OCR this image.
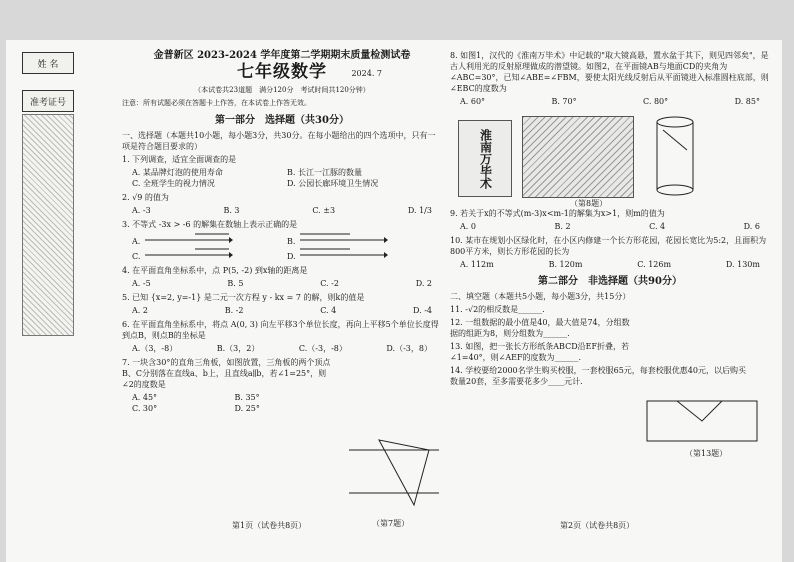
姓 名
准考证号
金普新区 2023-2024 学年度第二学期期末质量检测试卷
七年级数学	2024. 7
（本试卷共23道题　满分120分　考试时间共120分钟）
注意：所有试题必须在答题卡上作答，在本试卷上作答无效。
第一部分　选择题（共30分）
一、选择题（本题共10小题，每小题3分，共30分。在每小题给出的四个选项中，只有一项是符合题目要求的）
1. 下列调查，适宜全面调查的是
A. 某品牌灯泡的使用寿命	B. 长江一江豚的数量
C. 全班学生的视力情况	D. 公园长廊环境卫生情况
2. √9 的值为
A. -3	B. 3	C. ±3	D. 1/3
3. 不等式 -3x > -6 的解集在数轴上表示正确的是
A.	B.
C.	D.
4. 在平面直角坐标系中，点 P(5, -2) 到x轴的距离是
A. -5	B. 5	C. -2	D. 2
5. 已知 {x=2, y=-1} 是二元一次方程 y - kx = 7 的解，则k的值是
A. 2	B. -2	C. 4	D. -4
6. 在平面直角坐标系中，将点 A(0, 3) 向左平移3个单位长度，再向上平移5个单位长度得到点B，则点B的坐标是
A.（3，-8）	B.（3，2）	C.（-3，-8）	D.（-3，8）
7. 一块含30°的直角三角板，如图放置，三角板的两个顶点B、C分别落在直线a、b上，且直线a∥b，若∠1=25°，则∠2的度数是
A. 45°	B. 35°
C. 30°	D. 25°
（第7题）
第1页（试卷共8页）
8. 如图1，汉代的《淮南万毕术》中记载的"取大镜高悬，置水盆于其下，则见四邻矣"，是古人利用光的反射原理做成的潜望镜。如图2，在平面镜AB与地面CD的夹角为∠ABC=30°，已知∠ABE=∠FBM，要使太阳光线反射后从平面镜进入标准圆柱底部，则∠EBC的度数为
A. 60°	B. 70°	C. 80°	D. 85°
淮南万毕术
（第8题）
9. 若关于x的不等式(m-3)x<m-1的解集为x>1，则m的值为
A. 0	B. 2	C. 4	D. 6
10. 某市在规划小区绿化时，在小区内修建一个长方形花园，花园长宽比为5:2，且面积为800平方米，则长方形花园的长为
A. 112m	B. 120m	C. 126m	D. 130m
第二部分　非选择题（共90分）
二、填空题（本题共5小题，每小题3分，共15分）
11. -√2的相反数是______.
12. 一组数据的最小值是40，最大值是74，分组数据的组距为8，则分组数为______.
13. 如图，把一张长方形纸条ABCD沿EF折叠，若∠1=40°，则∠AEF的度数为______.
14. 学校要给2000名学生购买校服，一套校服65元，每套校服优惠40元，以后购买数量20套，至多需要花多少____元计.
（第13题）
第2页（试卷共8页）
